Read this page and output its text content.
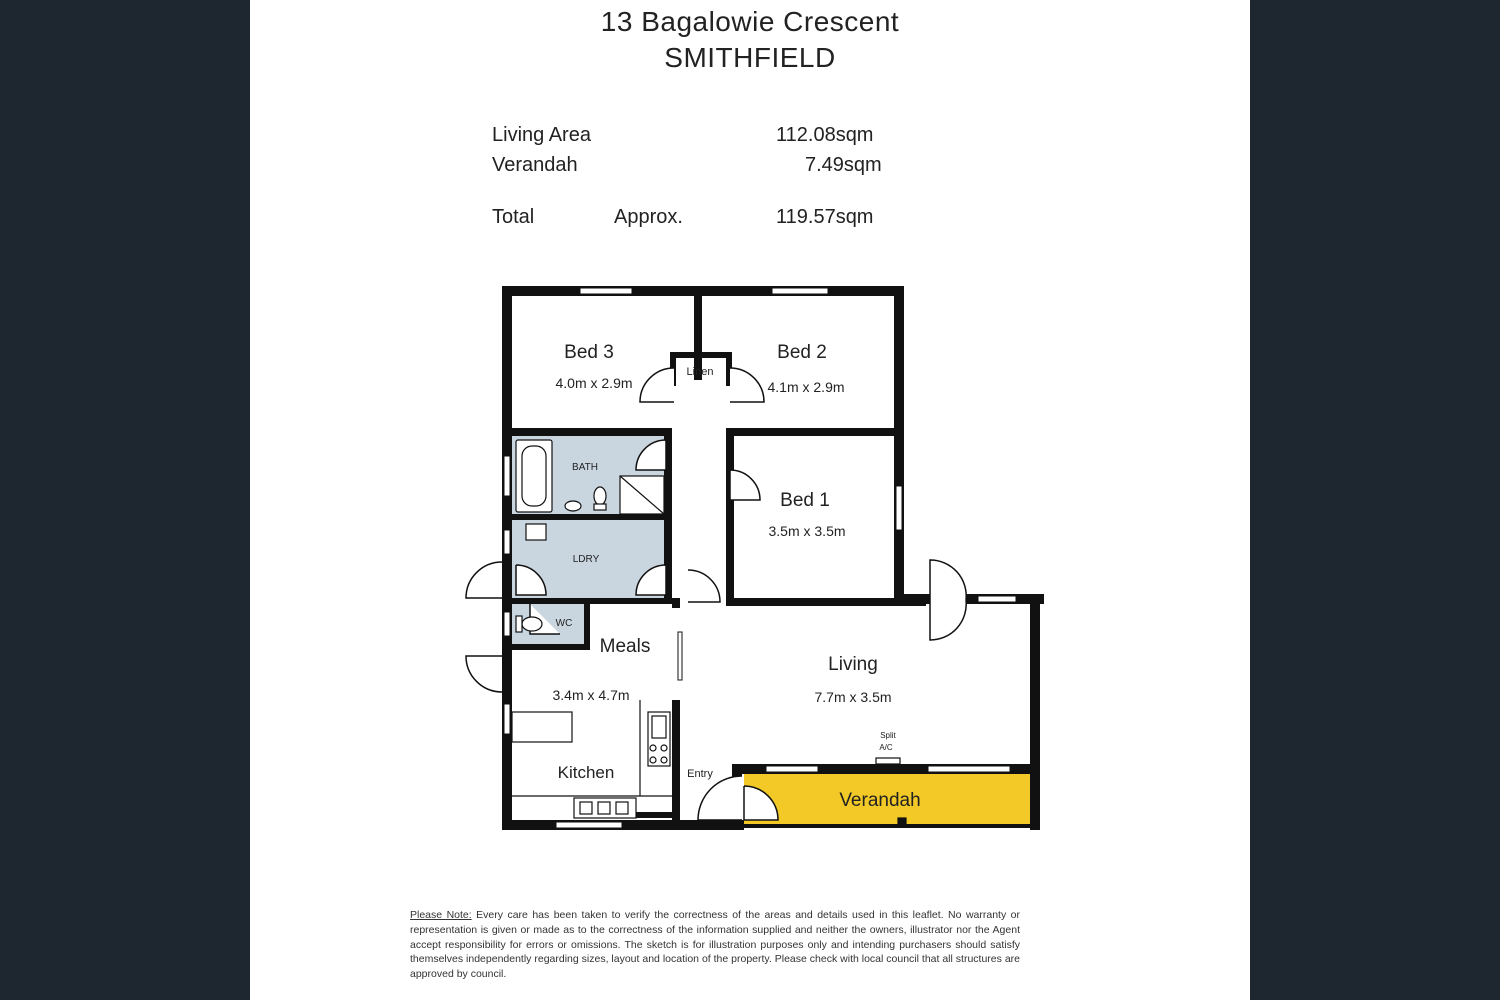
13 Bagalowie Crescent
SMITHFIELD
Living Area	112.08sqm
Verandah	7.49sqm
Total	Approx.	119.57sqm
Bed 3
4.0m x 2.9m
Bed 2
4.1m x 2.9m
Linen
BATH
Bed 1
3.5m x 3.5m
LDRY
WC
Meals
3.4m x 4.7m
Kitchen
Living
7.7m x 3.5m
Entry
Split
A/C
Verandah
Please Note: Every care has been taken to verify the correctness of the areas and details used in this leaflet. No warranty or representation is given or made as to the correctness of the information supplied and neither the owners, illustrator nor the Agent accept responsibility for errors or omissions. The sketch is for illustration purposes only and intending purchasers should satisfy themselves independently regarding sizes, layout and location of the property. Please check with local council that all structures are approved by council.
